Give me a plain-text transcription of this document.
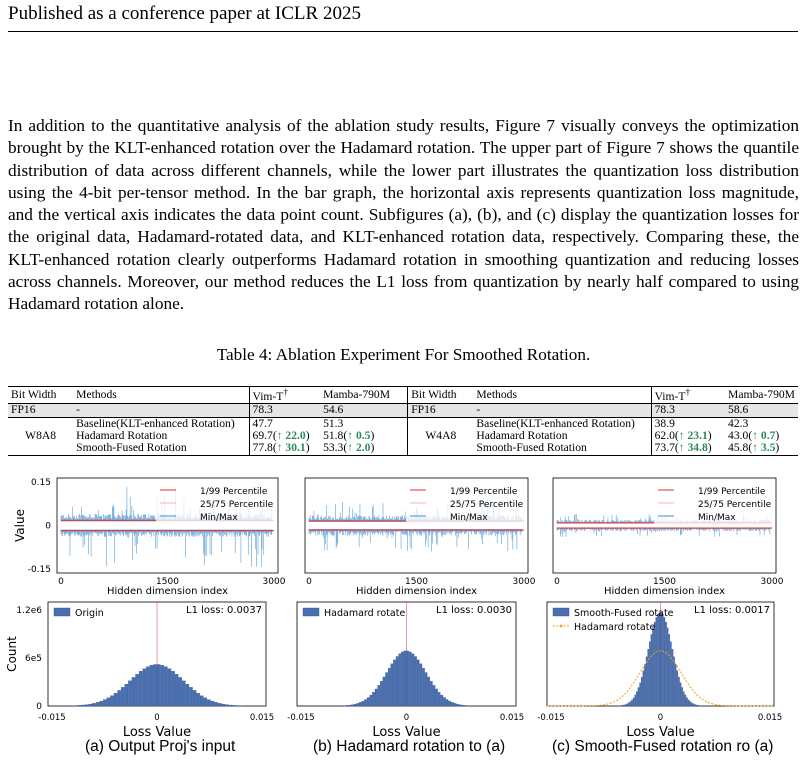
Published as a conference paper at ICLR 2025
In addition to the quantitative analysis of the ablation study results, Figure 7 visually conveys the optimization brought by the KLT-enhanced rotation over the Hadamard rotation. The upper part of Figure 7 shows the quantile distribution of data across different channels, while the lower part illustrates the quantization loss distribution using the 4-bit per-tensor method. In the bar graph, the horizontal axis represents quantization loss magnitude, and the vertical axis indicates the data point count. Subfigures (a), (b), and (c) display the quantization losses for the original data, Hadamard-rotated data, and KLT-enhanced rotation data, respectively. Comparing these, the KLT-enhanced rotation clearly outperforms Hadamard rotation in smoothing quantization and reducing losses across channels. Moreover, our method reduces the L1 loss from quantization by nearly half compared to using Hadamard rotation alone.
Table 4: Ablation Experiment For Smoothed Rotation.
Bit Width	Methods	Vim-T†	Mamba-790M	Bit Width	Methods	Vim-T†	Mamba-790M
FP16	-	78.3	54.6	FP16	-	78.3	58.6
W8A8	Baseline(KLT-enhanced Rotation)	47.7	51.3	W4A8	Baseline(KLT-enhanced Rotation)	38.9	42.3
	Hadamard Rotation	69.7(↑ 22.0)	51.8(↑ 0.5)		Hadamard Rotation	62.0(↑ 23.1)	43.0(↑ 0.7)
	Smooth-Fused Rotation	77.8(↑ 30.1)	53.3(↑ 2.0)		Smooth-Fused Rotation	73.7(↑ 34.8)	45.8(↑ 3.5)
1/99 Percentile
25/75 Percentile
Min/Max
0	1500	3000
Hidden dimension index
0.15
0
-0.15
Value
1/99 Percentile
25/75 Percentile
Min/Max
0	1500	3000
Hidden dimension index
1/99 Percentile
25/75 Percentile
Min/Max
0	1500	3000
Hidden dimension index
Origin	L1 loss: 0.0037
-0.015	0	0.015
Loss Value
1.2e6
6e5
0
Count
Hadamard rotate	L1 loss: 0.0030
-0.015	0	0.015
Loss Value
Smooth-Fused rotate
Hadamard rotate
L1 loss: 0.0017
-0.015	0	0.015
Loss Value
(a) Output Proj's input	(b) Hadamard rotation to (a)	(c) Smooth-Fused rotation ro (a)
